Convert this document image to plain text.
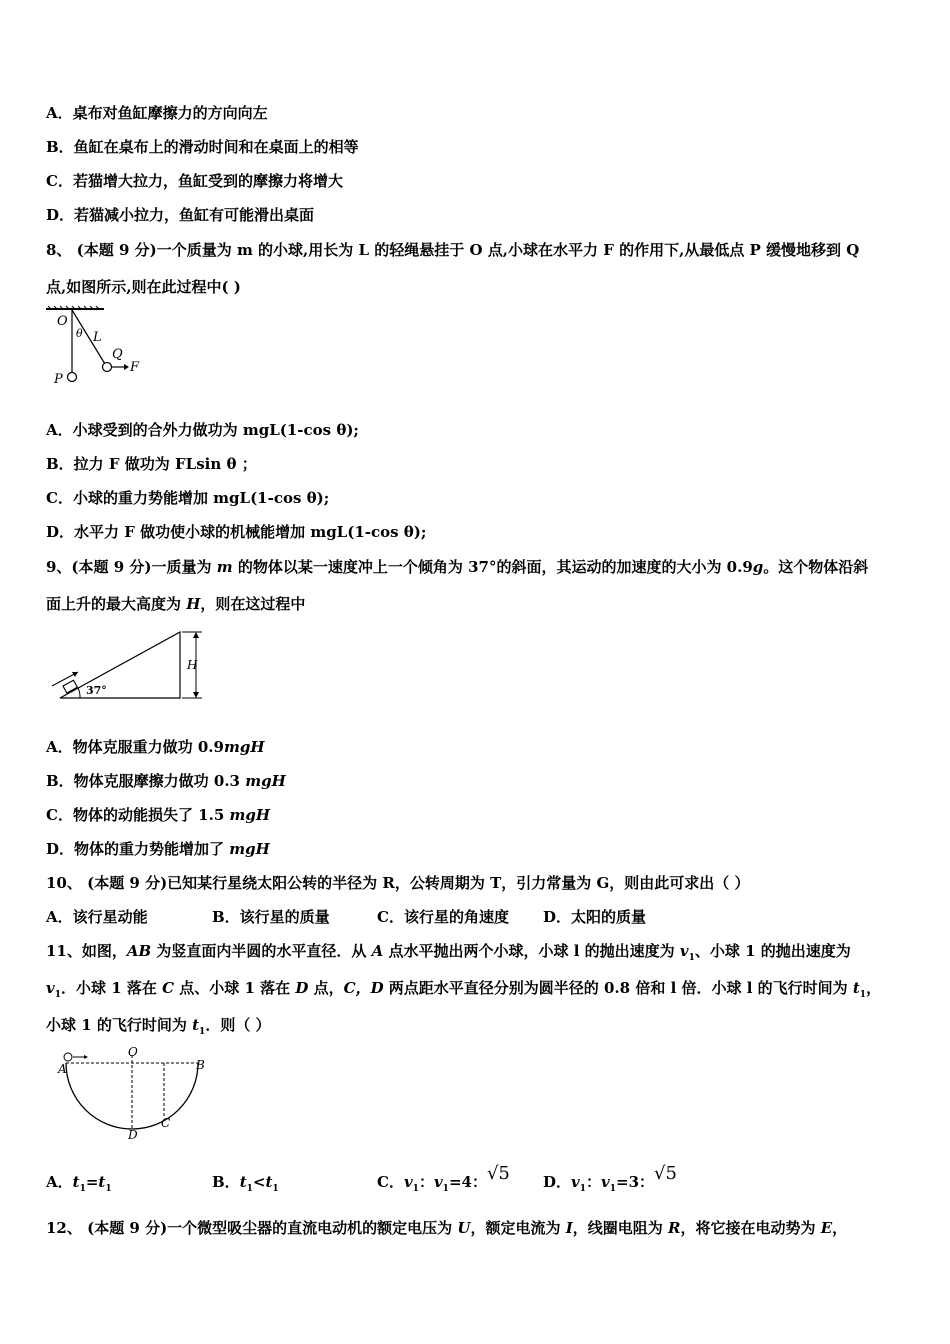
A．桌布对鱼缸摩擦力的方向向左
B．鱼缸在桌布上的滑动时间和在桌面上的相等
C．若猫增大拉力，鱼缸受到的摩擦力将增大
D．若猫减小拉力，鱼缸有可能滑出桌面
8、 (本题 9 分)一个质量为 m 的小球,用长为 L 的轻绳悬挂于 O 点,小球在水平力 F 的作用下,从最低点 P 缓慢地移到 Q
点,如图所示,则在此过程中( )
O
θ L
Q
F
P
A．小球受到的合外力做功为 mgL(1-cos θ);
B．拉力 F 做功为 FLsin θ ；
C．小球的重力势能增加 mgL(1-cos θ);
D．水平力 F 做功使小球的机械能增加 mgL(1-cos θ);
9、(本题 9 分)一质量为 m 的物体以某一速度冲上一个倾角为 37°的斜面，其运动的加速度的大小为 0.9g。这个物体沿斜
面上升的最大高度为 H，则在这过程中
H
37°
A．物体克服重力做功 0.9mgH
B．物体克服摩擦力做功 0.3 mgH
C．物体的动能损失了 1.5 mgH
D．物体的重力势能增加了 mgH
10、 (本题 9 分)已知某行星绕太阳公转的半径为 R，公转周期为 T，引力常量为 G，则由此可求出（ ）
A．该行星动能	B．该行星的质量	C．该行星的角速度 D．太阳的质量
11、如图，AB 为竖直面内半圆的水平直径．从 A 点水平抛出两个小球，小球 l 的抛出速度为 $v_1$、小球 1 的抛出速度为
$v_1$．小球 1 落在 C 点、小球 1 落在 D 点，C，D 两点距水平直径分别为圆半径的 0.8 倍和 l 倍．小球 l 的飞行时间为 $t_1$，
小球 1 的飞行时间为 $t_1$．则（ ）
O
A	B
C
D
A．$t_1=t_1$	B．$t_1<t_1$	C．$v_1$：$v_1=4$：√5 D．$v_1$：$v_1=3$：√5
12、 (本题 9 分)一个微型吸尘器的直流电动机的额定电压为 U，额定电流为 I，线圈电阻为 R，将它接在电动势为 E，
